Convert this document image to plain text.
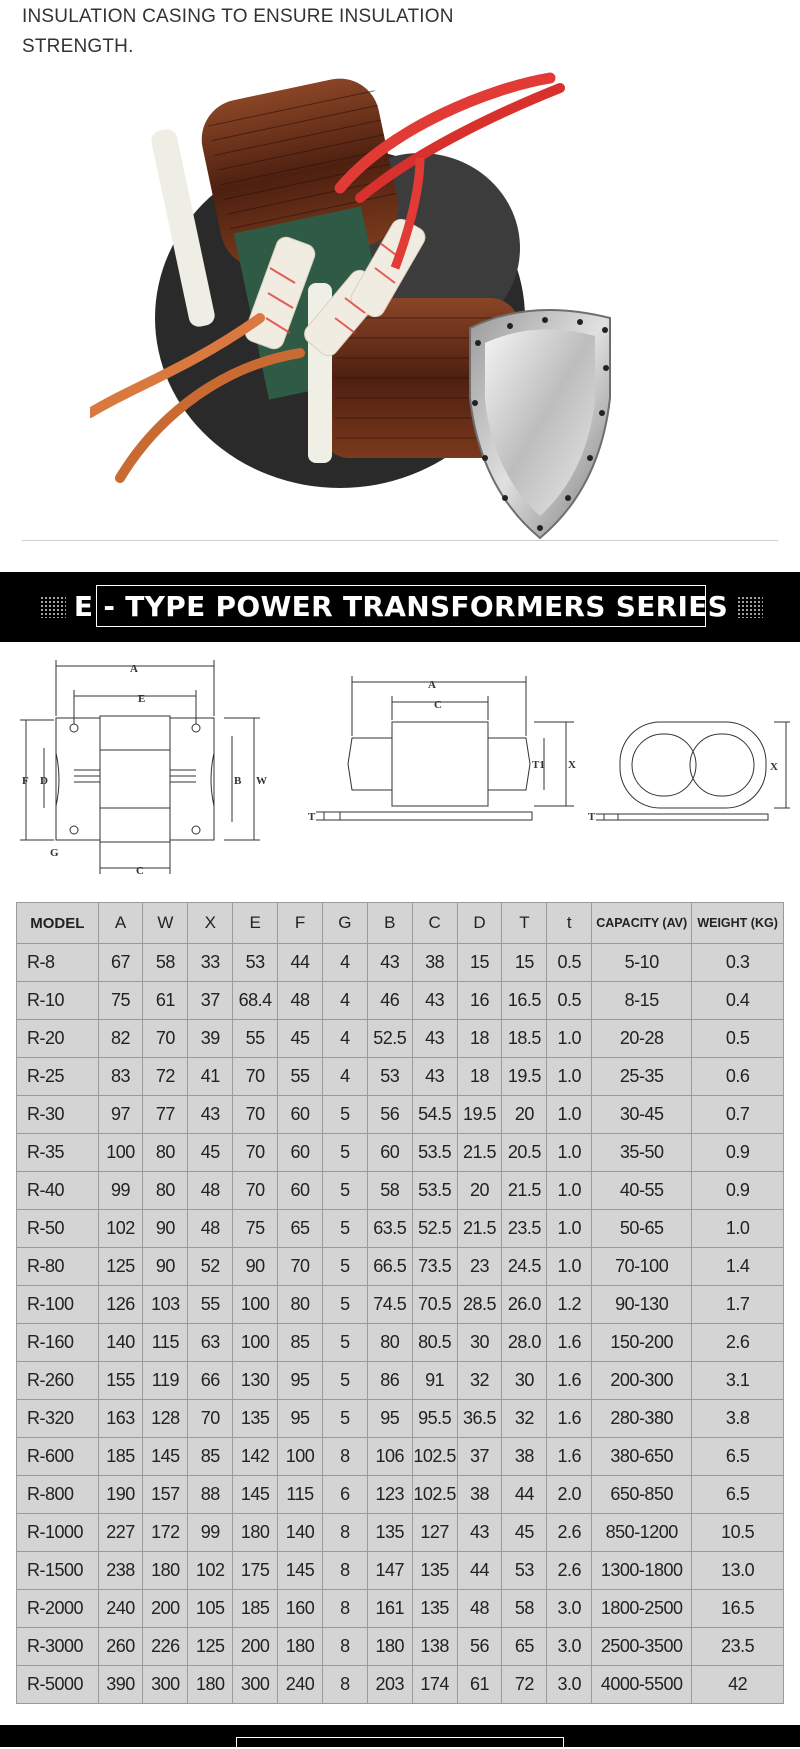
INSULATION CASING TO ENSURE INSULATION STRENGTH.
E - TYPE POWER TRANSFORMERS SERIES
A
E
W
B
F D
C
G
A
C
T1 X
T
X
T
MODEL	A	W	X	E	F	G	B	C	D	T	t	CAPACITY (AV)	WEIGHT (KG)
R-8	67	58	33	53	44	4	43	38	15	15	0.5	5-10	0.3
R-10	75	61	37	68.4	48	4	46	43	16	16.5	0.5	8-15	0.4
R-20	82	70	39	55	45	4	52.5	43	18	18.5	1.0	20-28	0.5
R-25	83	72	41	70	55	4	53	43	18	19.5	1.0	25-35	0.6
R-30	97	77	43	70	60	5	56	54.5	19.5	20	1.0	30-45	0.7
R-35	100	80	45	70	60	5	60	53.5	21.5	20.5	1.0	35-50	0.9
R-40	99	80	48	70	60	5	58	53.5	20	21.5	1.0	40-55	0.9
R-50	102	90	48	75	65	5	63.5	52.5	21.5	23.5	1.0	50-65	1.0
R-80	125	90	52	90	70	5	66.5	73.5	23	24.5	1.0	70-100	1.4
R-100	126	103	55	100	80	5	74.5	70.5	28.5	26.0	1.2	90-130	1.7
R-160	140	115	63	100	85	5	80	80.5	30	28.0	1.6	150-200	2.6
R-260	155	119	66	130	95	5	86	91	32	30	1.6	200-300	3.1
R-320	163	128	70	135	95	5	95	95.5	36.5	32	1.6	280-380	3.8
R-600	185	145	85	142	100	8	106	102.5	37	38	1.6	380-650	6.5
R-800	190	157	88	145	115	6	123	102.5	38	44	2.0	650-850	6.5
R-1000	227	172	99	180	140	8	135	127	43	45	2.6	850-1200	10.5
R-1500	238	180	102	175	145	8	147	135	44	53	2.6	1300-1800	13.0
R-2000	240	200	105	185	160	8	161	135	48	58	3.0	1800-2500	16.5
R-3000	260	226	125	200	180	8	180	138	56	65	3.0	2500-3500	23.5
R-5000	390	300	180	300	240	8	203	174	61	72	3.0	4000-5500	42
